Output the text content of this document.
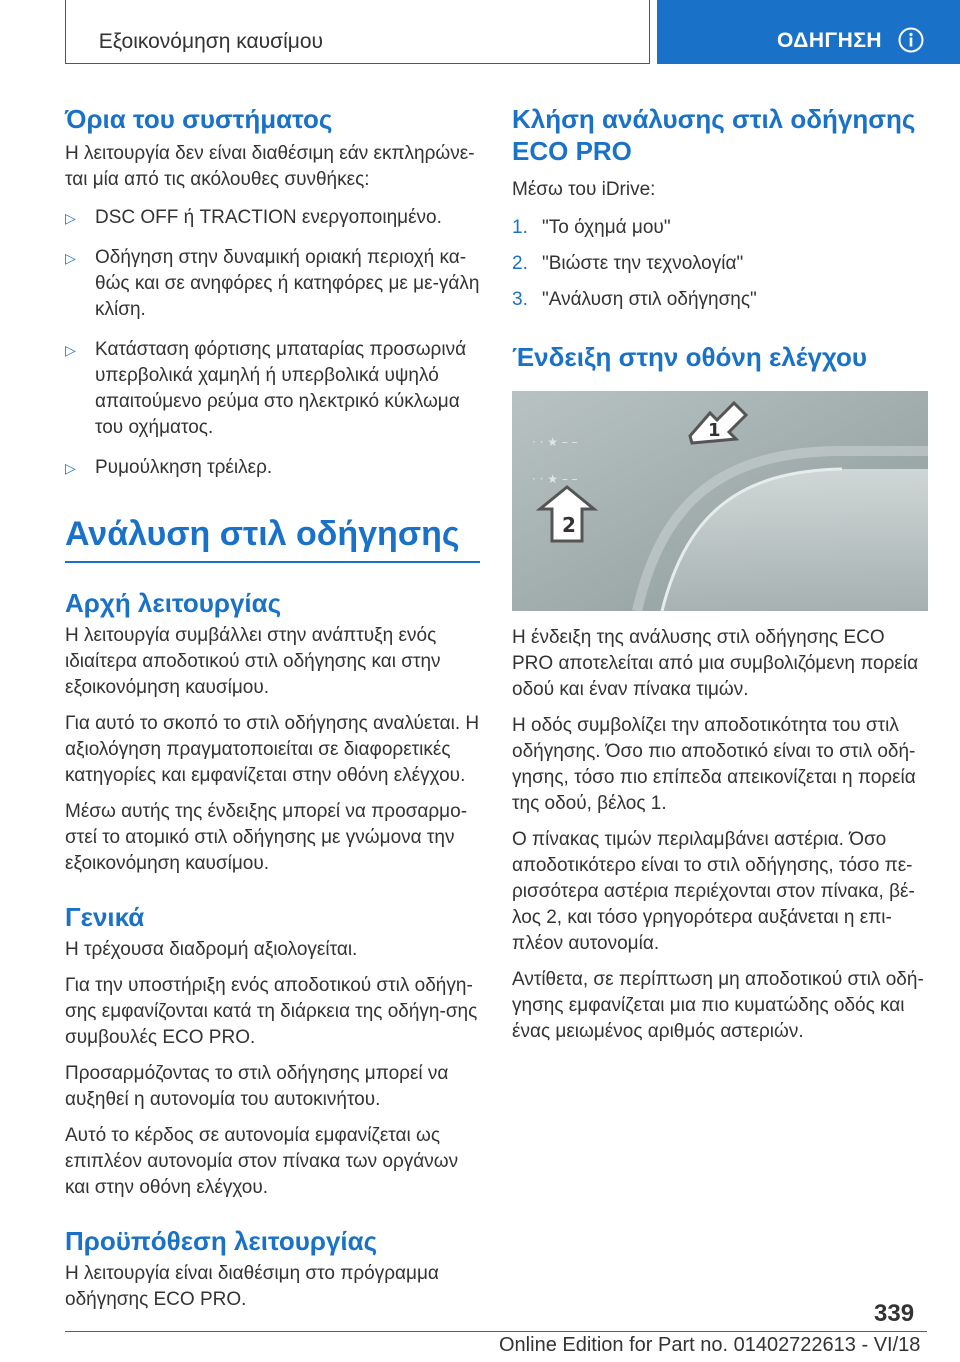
Εξοικονόμηση καυσίμου	ΟΔΗΓΗΣΗ
Όρια του συστήματος

Η λειτουργία δεν είναι διαθέσιμη εάν εκπληρώνε-ται μία από τις ακόλουθες συνθήκες:

▷ DSC OFF ή TRACTION ενεργοποιημένο.
▷ Οδήγηση στην δυναμική οριακή περιοχή κα-θώς και σε ανηφόρες ή κατηφόρες με με-γάλη κλίση.
▷ Κατάσταση φόρτισης μπαταρίας προσωρινά υπερβολικά χαμηλή ή υπερβολικά υψηλό απαιτούμενο ρεύμα στο ηλεκτρικό κύκλωμα του οχήματος.
▷ Ρυμούλκηση τρέιλερ.
Ανάλυση στιλ οδήγησης
Αρχή λειτουργίας

Η λειτουργία συμβάλλει στην ανάπτυξη ενός ιδιαίτερα αποδοτικού στιλ οδήγησης και στην εξοικονόμηση καυσίμου.

Για αυτό το σκοπό το στιλ οδήγησης αναλύεται. Η αξιολόγηση πραγματοποιείται σε διαφορετικές κατηγορίες και εμφανίζεται στην οθόνη ελέγχου.

Μέσω αυτής της ένδειξης μπορεί να προσαρμο-στεί το ατομικό στιλ οδήγησης με γνώμονα την εξοικονόμηση καυσίμου.

Γενικά

Η τρέχουσα διαδρομή αξιολογείται.

Για την υποστήριξη ενός αποδοτικού στιλ οδήγη-σης εμφανίζονται κατά τη διάρκεια της οδήγη-σης συμβουλές ECO PRO.

Προσαρμόζοντας το στιλ οδήγησης μπορεί να αυξηθεί η αυτονομία του αυτοκινήτου.

Αυτό το κέρδος σε αυτονομία εμφανίζεται ως επιπλέον αυτονομία στον πίνακα των οργάνων και στην οθόνη ελέγχου.

Προϋπόθεση λειτουργίας

Η λειτουργία είναι διαθέσιμη στο πρόγραμμα οδήγησης ECO PRO.

Κλήση ανάλυσης στιλ οδήγησης ECO PRO

Μέσω του iDrive:

1. "Το όχημά μου"
2. "Βιώστε την τεχνολογία"
3. "Ανάλυση στιλ οδήγησης"
Ένδειξη στην οθόνη ελέγχου
· · ★ – –
· · ★ – –
2
1

Η ένδειξη της ανάλυσης στιλ οδήγησης ECO PRO αποτελείται από μια συμβολιζόμενη πορεία οδού και έναν πίνακα τιμών.

Η οδός συμβολίζει την αποδοτικότητα του στιλ οδήγησης. Όσο πιο αποδοτικό είναι το στιλ οδή-γησης, τόσο πιο επίπεδα απεικονίζεται η πορεία της οδού, βέλος 1.

Ο πίνακας τιμών περιλαμβάνει αστέρια. Όσο αποδοτικότερο είναι το στιλ οδήγησης, τόσο πε-ρισσότερα αστέρια περιέχονται στον πίνακα, βέ-λος 2, και τόσο γρηγορότερα αυξάνεται η επι-πλέον αυτονομία.

Αντίθετα, σε περίπτωση μη αποδοτικού στιλ οδή-γησης εμφανίζεται μια πιο κυματώδης οδός και ένας μειωμένος αριθμός αστεριών.

339
Online Edition for Part no. 01402722613 - VI/18
